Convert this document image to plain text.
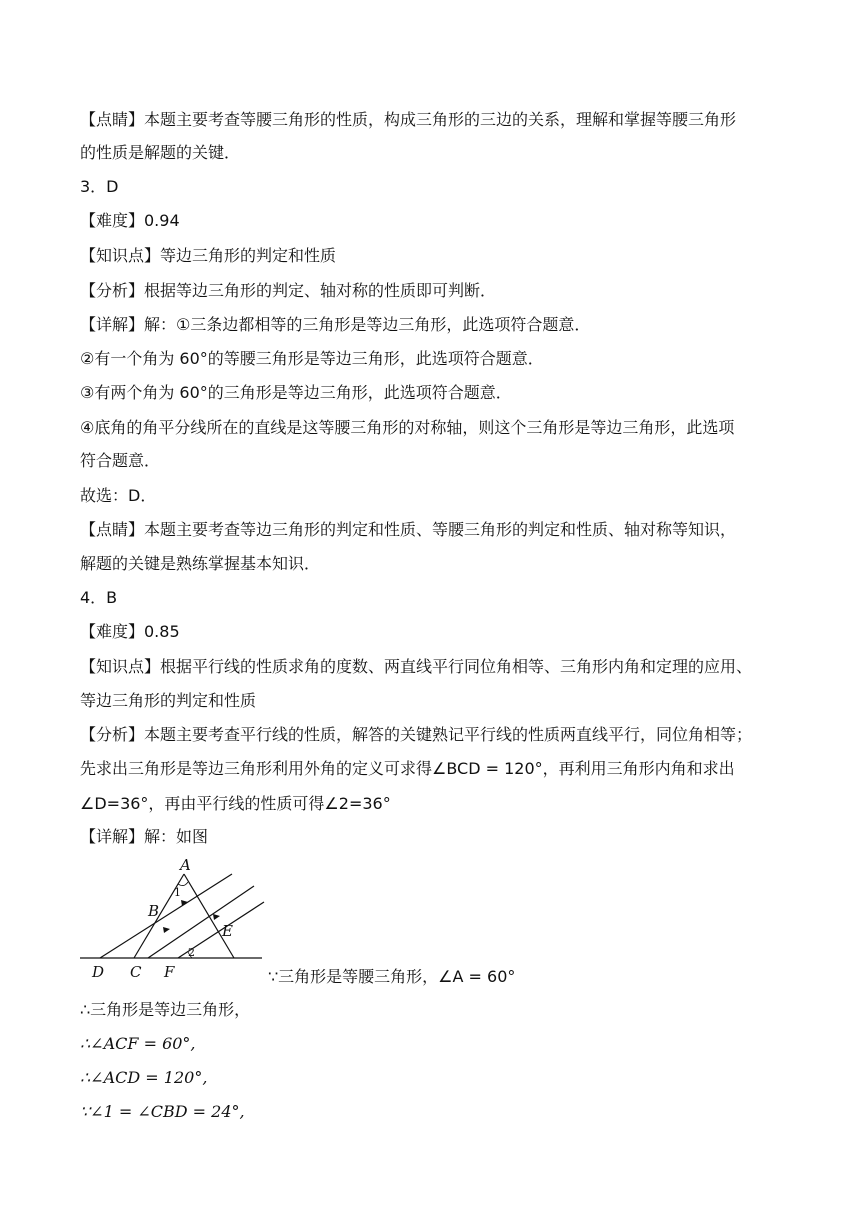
【点睛】本题主要考查等腰三角形的性质，构成三角形的三边的关系，理解和掌握等腰三角形
的性质是解题的关键．
3．D
【难度】0.94
【知识点】等边三角形的判定和性质
【分析】根据等边三角形的判定、轴对称的性质即可判断．
【详解】解：①三条边都相等的三角形是等边三角形，此选项符合题意．
②有一个角为 60°的等腰三角形是等边三角形，此选项符合题意．
③有两个角为 60°的三角形是等边三角形，此选项符合题意．
④底角的角平分线所在的直线是这等腰三角形的对称轴，则这个三角形是等边三角形，此选项
符合题意．
故选：D．
【点睛】本题主要考查等边三角形的判定和性质、等腰三角形的判定和性质、轴对称等知识，
解题的关键是熟练掌握基本知识．
4．B
【难度】0.85
【知识点】根据平行线的性质求角的度数、两直线平行同位角相等、三角形内角和定理的应用、
等边三角形的判定和性质
【分析】本题主要考查平行线的性质，解答的关键熟记平行线的性质两直线平行，同位角相等；
先求出三角形是等边三角形利用外角的定义可求得∠BCD = 120°，再利用三角形内角和求出
∠D=36°，再由平行线的性质可得∠2=36°
【详解】解：如图
A
B
C
D
E
F
1
2
∵三角形是等腰三角形，∠A = 60°
∴三角形是等边三角形，
∴∠ACF = 60°,
∴∠ACD = 120°,
∵∠1 = ∠CBD = 24°,
